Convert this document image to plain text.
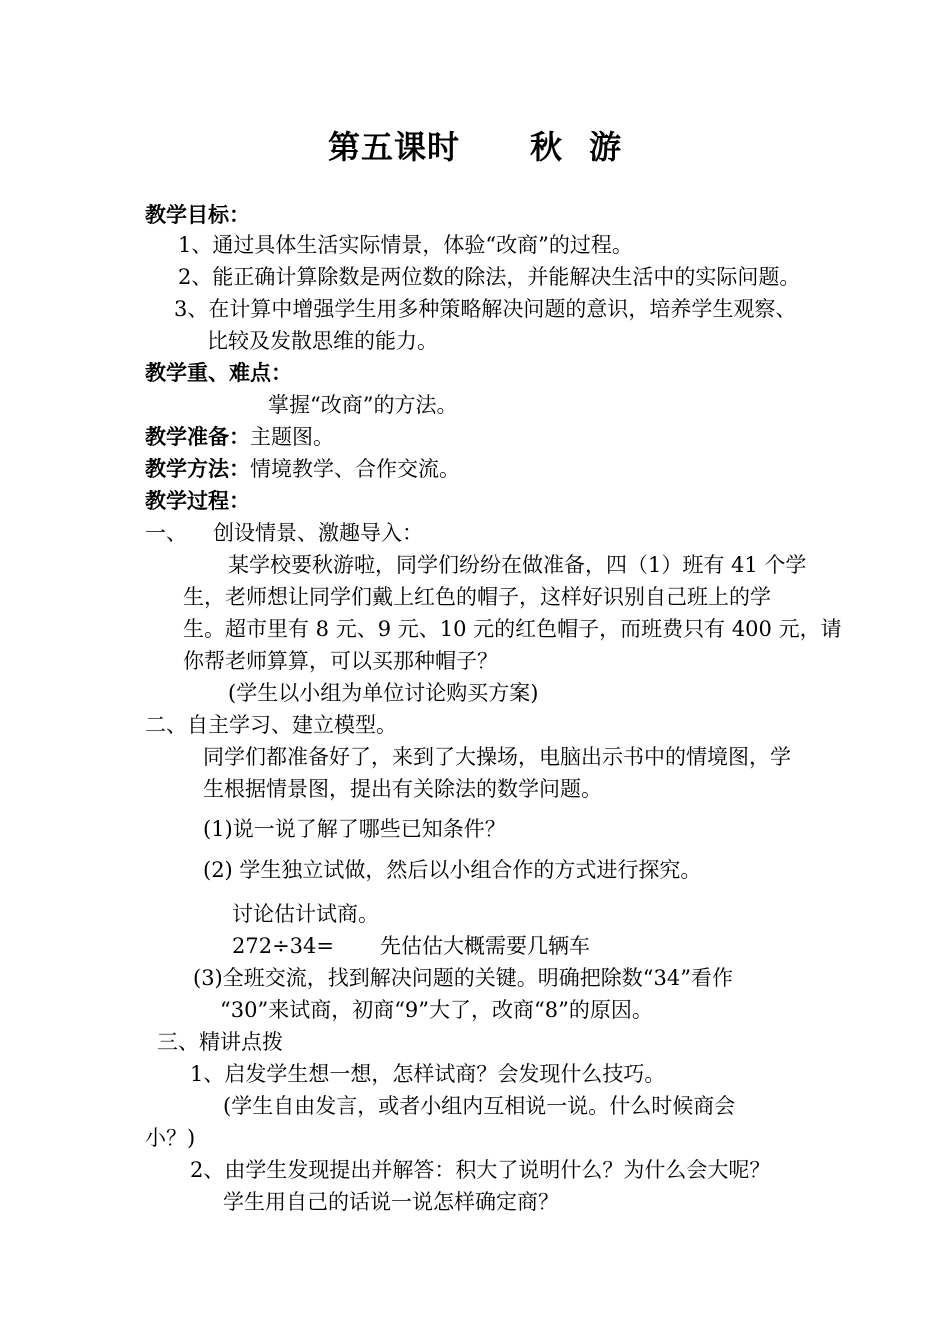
第五课时 秋 游
教学目标：
1、通过具体生活实际情景，体验“改商”的过程。
2、能正确计算除数是两位数的除法，并能解决生活中的实际问题。
3、在计算中增强学生用多种策略解决问题的意识，培养学生观察、
比较及发散思维的能力。
教学重、难点：
掌握“改商”的方法。
教学准备：主题图。
教学方法：情境教学、合作交流。
教学过程：
一、 创设情景、激趣导入：
某学校要秋游啦，同学们纷纷在做准备，四（1）班有 41 个学
生，老师想让同学们戴上红色的帽子，这样好识别自己班上的学
生。超市里有 8 元、9 元、10 元的红色帽子，而班费只有 400 元，请
你帮老师算算，可以买那种帽子？
(学生以小组为单位讨论购买方案)
二、自主学习、建立模型。
同学们都准备好了，来到了大操场，电脑出示书中的情境图，学
生根据情景图，提出有关除法的数学问题。
(1)说一说了解了哪些已知条件？
(2) 学生独立试做，然后以小组合作的方式进行探究。
讨论估计试商。
272÷34= 先估估大概需要几辆车
(3)全班交流，找到解决问题的关键。明确把除数“34”看作
“30”来试商，初商“9”大了，改商“8”的原因。
三、精讲点拨
1、启发学生想一想，怎样试商？会发现什么技巧。
(学生自由发言，或者小组内互相说一说。什么时候商会
小？)
2、由学生发现提出并解答：积大了说明什么？为什么会大呢？
学生用自己的话说一说怎样确定商？
